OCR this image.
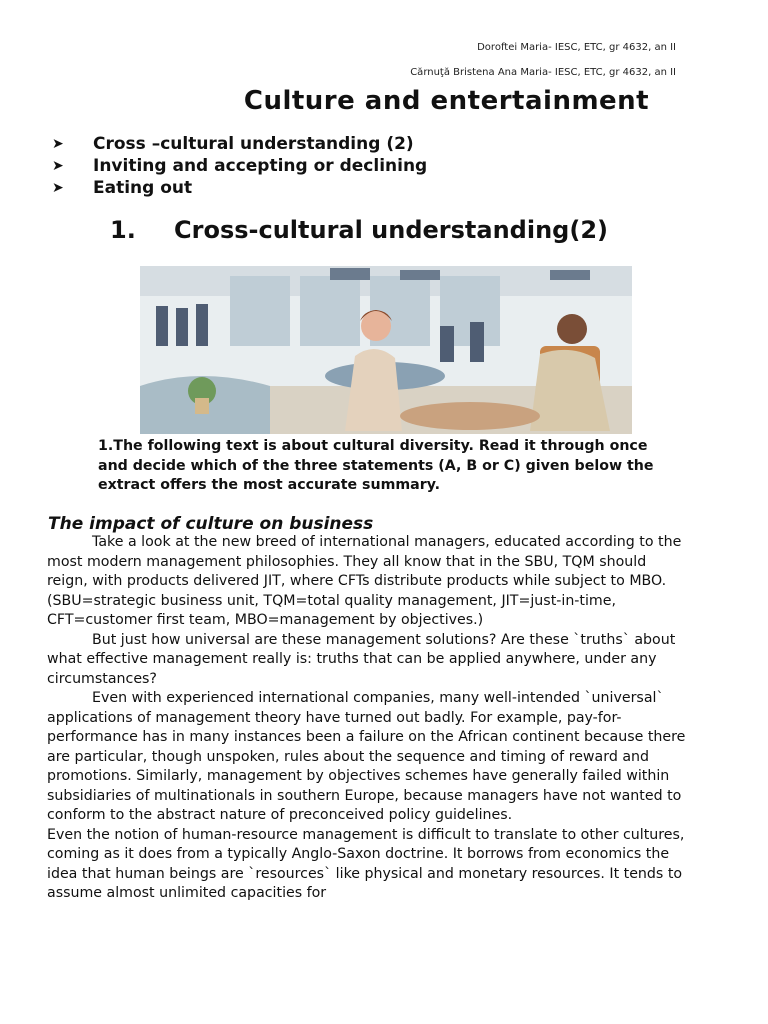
Doroftei Maria- IESC, ETC, gr 4632, an II
Cărnuţă Bristena Ana Maria- IESC, ETC, gr 4632, an II
Culture and entertainment
➤	Cross –cultural understanding (2)
➤	Inviting and accepting or declining
➤	Eating out
1. Cross-cultural understanding(2)
1.The following text is about cultural diversity. Read it through once and decide which of the three statements (A, B or C) given below the extract offers the most accurate summary.
The impact of culture on business

Take a look at the new breed of international managers, educated according to the most modern management philosophies. They all know that in the SBU, TQM should reign, with products delivered JIT, where CFTs distribute products while subject to MBO.(SBU=strategic business unit, TQM=total quality management, JIT=just-in-time, CFT=customer first team, MBO=management by objectives.)

But just how universal are these management solutions? Are these `truths` about what effective management really is: truths that can be applied anywhere, under any circumstances?

Even with experienced international companies, many well-intended `universal` applications of management theory have turned out badly. For example, pay-for-performance has in many instances been a failure on the African continent because there are particular, though unspoken, rules about the sequence and timing of reward and promotions. Similarly, management by objectives schemes have generally failed within subsidiaries of multinationals in southern Europe, because managers have not wanted to conform to the abstract nature of preconceived policy guidelines.

Even the notion of human-resource management is difficult to translate to other cultures, coming as it does from a typically Anglo-Saxon doctrine. It borrows from economics the idea that human beings are `resources` like physical and monetary resources. It tends to assume almost unlimited capacities for
